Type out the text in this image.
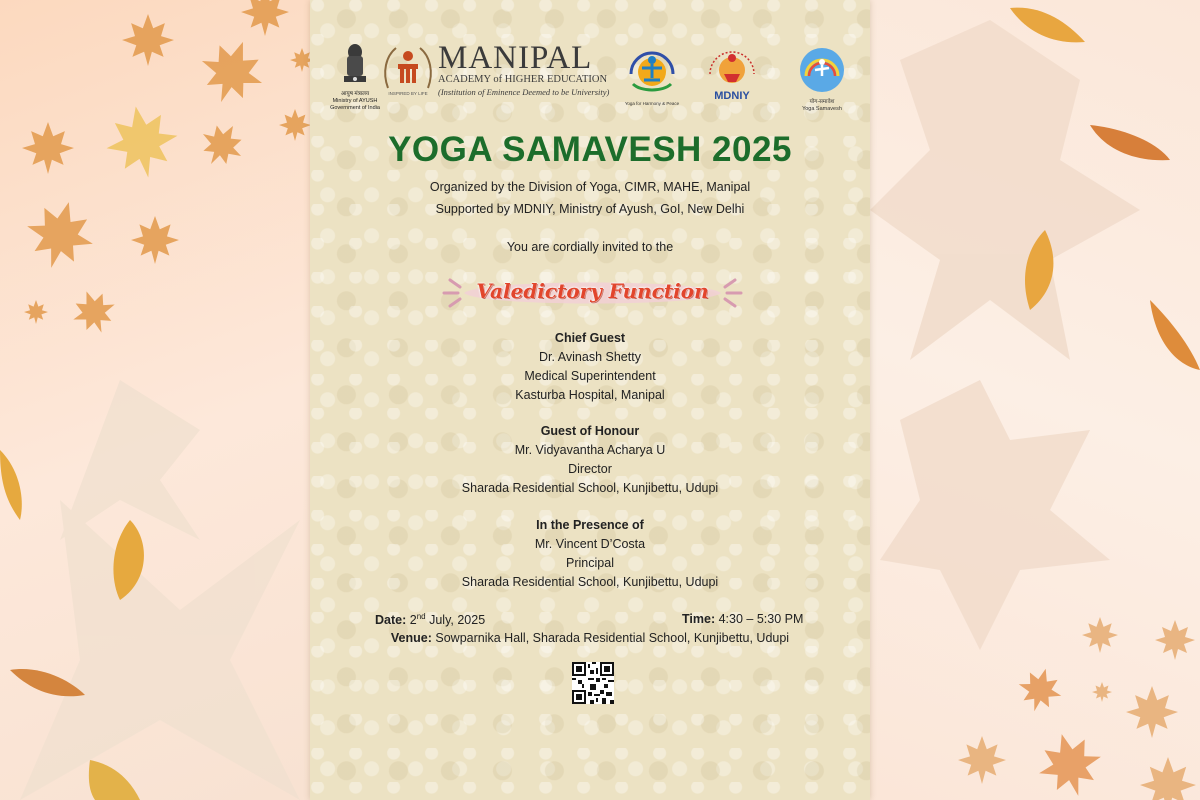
आयुष मंत्रालय
Ministry of AYUSH
Government of India
INSPIRED BY LIFE
MANIPAL
ACADEMY of HIGHER EDUCATION
(Institution of Eminence Deemed to be University)
Yoga for Harmony & Peace
MDNIY	योग-समावेश
Yoga Samavesh
YOGA SAMAVESH 2025

Organized by the Division of Yoga, CIMR, MAHE, Manipal

Supported by MDNIY, Ministry of Ayush, GoI, New Delhi

You are cordially invited to the
Valedictory Function
Chief Guest
Dr. Avinash Shetty
Medical Superintendent
Kasturba Hospital, Manipal
Guest of Honour
Mr. Vidyavantha Acharya U
Director
Sharada Residential School, Kunjibettu, Udupi
In the Presence of
Mr. Vincent D’Costa
Principal
Sharada Residential School, Kunjibettu, Udupi
Date: 2nd July, 2025	Time: 4:30 – 5:30 PM
Venue: Sowparnika Hall, Sharada Residential School, Kunjibettu, Udupi
